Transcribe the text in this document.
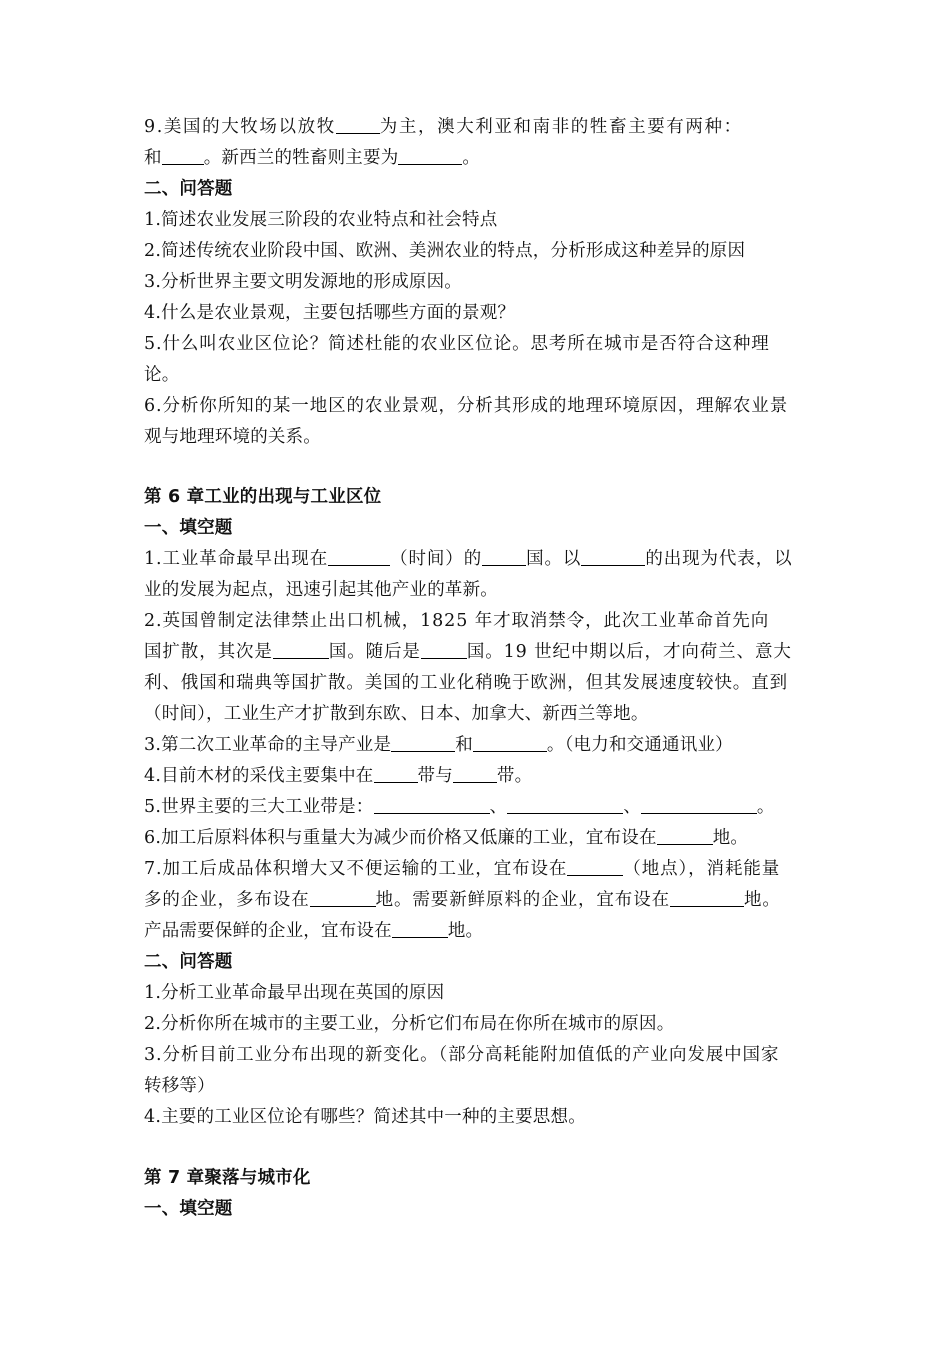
9.美国的大牧场以放牧	为主，澳大利亚和南非的牲畜主要有两种：
和 。新西兰的牲畜则主要为	。
二、问答题
1.简述农业发展三阶段的农业特点和社会特点
2.简述传统农业阶段中国、欧洲、美洲农业的特点，分析形成这种差异的原因
3.分析世界主要文明发源地的形成原因。
4.什么是农业景观，主要包括哪些方面的景观？
5.什么叫农业区位论？简述杜能的农业区位论。思考所在城市是否符合这种理
论。
6.分析你所知的某一地区的农业景观，分析其形成的地理环境原因，理解农业景
观与地理环境的关系。
第 6 章工业的出现与工业区位
一、填空题
1.工业革命最早出现在	（时间）的	国。以	的出现为代表，以
业的发展为起点，迅速引起其他产业的革新。
2.英国曾制定法律禁止出口机械，1825 年才取消禁令，此次工业革命首先向
国扩散，其次是	国。随后是	国。19 世纪中期以后，才向荷兰、意大
利、俄国和瑞典等国扩散。美国的工业化稍晚于欧洲，但其发展速度较快。直到
（时间），工业生产才扩散到东欧、日本、加拿大、新西兰等地。
3.第二次工业革命的主导产业是	和	。（电力和交通通讯业）
4.目前木材的采伐主要集中在	带与	带。
5.世界主要的三大工业带是：	、	、	。
6.加工后原料体积与重量大为减少而价格又低廉的工业，宜布设在	地。
7.加工后成品体积增大又不便运输的工业，宜布设在	（地点），消耗能量
多的企业，多布设在	地。需要新鲜原料的企业，宜布设在	地。
产品需要保鲜的企业，宜布设在	地。
二、问答题
1.分析工业革命最早出现在英国的原因
2.分析你所在城市的主要工业，分析它们布局在你所在城市的原因。
3.分析目前工业分布出现的新变化。（部分高耗能附加值低的产业向发展中国家
转移等）
4.主要的工业区位论有哪些？简述其中一种的主要思想。
第 7 章聚落与城市化
一、填空题
